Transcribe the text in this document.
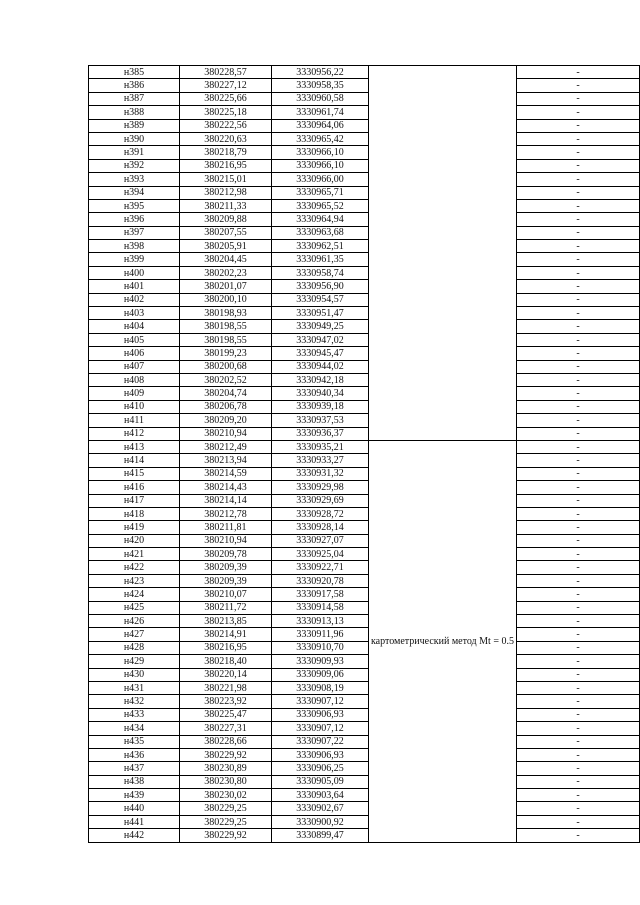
н385	380228,57	3330956,22		-
н386	380227,12	3330958,35		-
н387	380225,66	3330960,58		-
н388	380225,18	3330961,74		-
н389	380222,56	3330964,06		-
н390	380220,63	3330965,42		-
н391	380218,79	3330966,10		-
н392	380216,95	3330966,10		-
н393	380215,01	3330966,00		-
н394	380212,98	3330965,71		-
н395	380211,33	3330965,52		-
н396	380209,88	3330964,94		-
н397	380207,55	3330963,68		-
н398	380205,91	3330962,51		-
н399	380204,45	3330961,35		-
н400	380202,23	3330958,74		-
н401	380201,07	3330956,90		-
н402	380200,10	3330954,57		-
н403	380198,93	3330951,47		-
н404	380198,55	3330949,25		-
н405	380198,55	3330947,02		-
н406	380199,23	3330945,47		-
н407	380200,68	3330944,02		-
н408	380202,52	3330942,18		-
н409	380204,74	3330940,34		-
н410	380206,78	3330939,18		-
н411	380209,20	3330937,53		-
н412	380210,94	3330936,37		-
н413	380212,49	3330935,21	картометрический метод Mt = 0.5	-
н414	380213,94	3330933,27		-
н415	380214,59	3330931,32		-
н416	380214,43	3330929,98		-
н417	380214,14	3330929,69		-
н418	380212,78	3330928,72		-
н419	380211,81	3330928,14		-
н420	380210,94	3330927,07		-
н421	380209,78	3330925,04		-
н422	380209,39	3330922,71		-
н423	380209,39	3330920,78		-
н424	380210,07	3330917,58		-
н425	380211,72	3330914,58		-
н426	380213,85	3330913,13		-
н427	380214,91	3330911,96		-
н428	380216,95	3330910,70		-
н429	380218,40	3330909,93		-
н430	380220,14	3330909,06		-
н431	380221,98	3330908,19		-
н432	380223,92	3330907,12		-
н433	380225,47	3330906,93		-
н434	380227,31	3330907,12		-
н435	380228,66	3330907,22		-
н436	380229,92	3330906,93		-
н437	380230,89	3330906,25		-
н438	380230,80	3330905,09		-
н439	380230,02	3330903,64		-
н440	380229,25	3330902,67		-
н441	380229,25	3330900,92		-
н442	380229,92	3330899,47		-
